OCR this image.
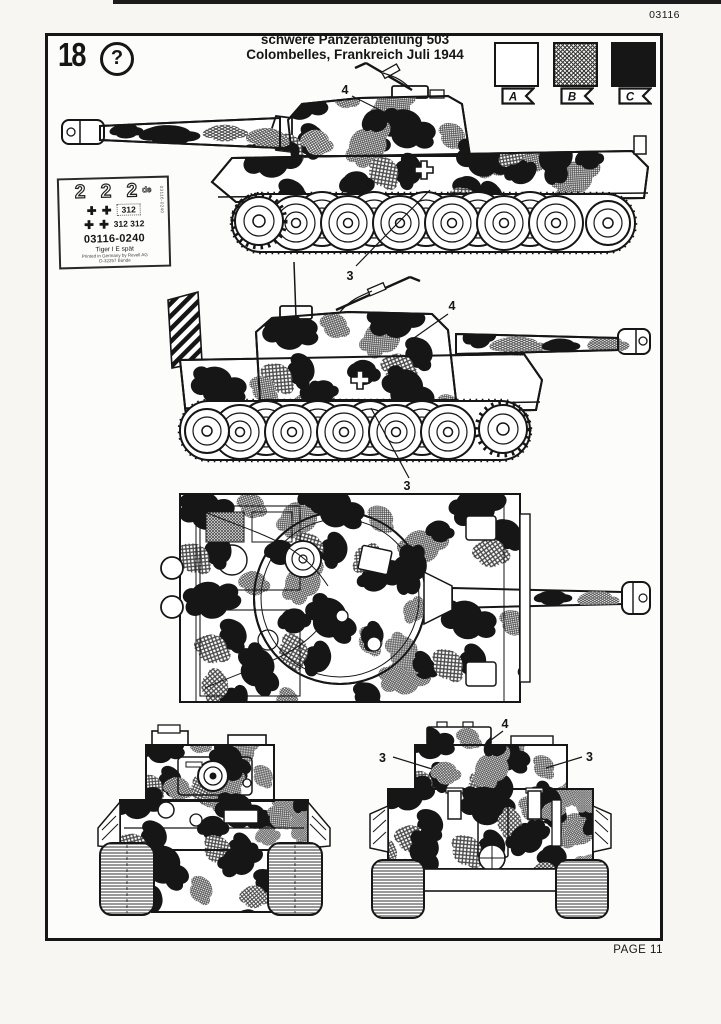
03116
PAGE 11
18	?
schwere Panzerabteilung 503
Colombelles, Frankreich Juli 1944
A	B	C
2 2 2de
312
312 312
03116-0240
Tiger I E spät
Printed in Germany by Revell AG
D-32257 Bünde
03116-0240
4
3
4
3
3
4
3
